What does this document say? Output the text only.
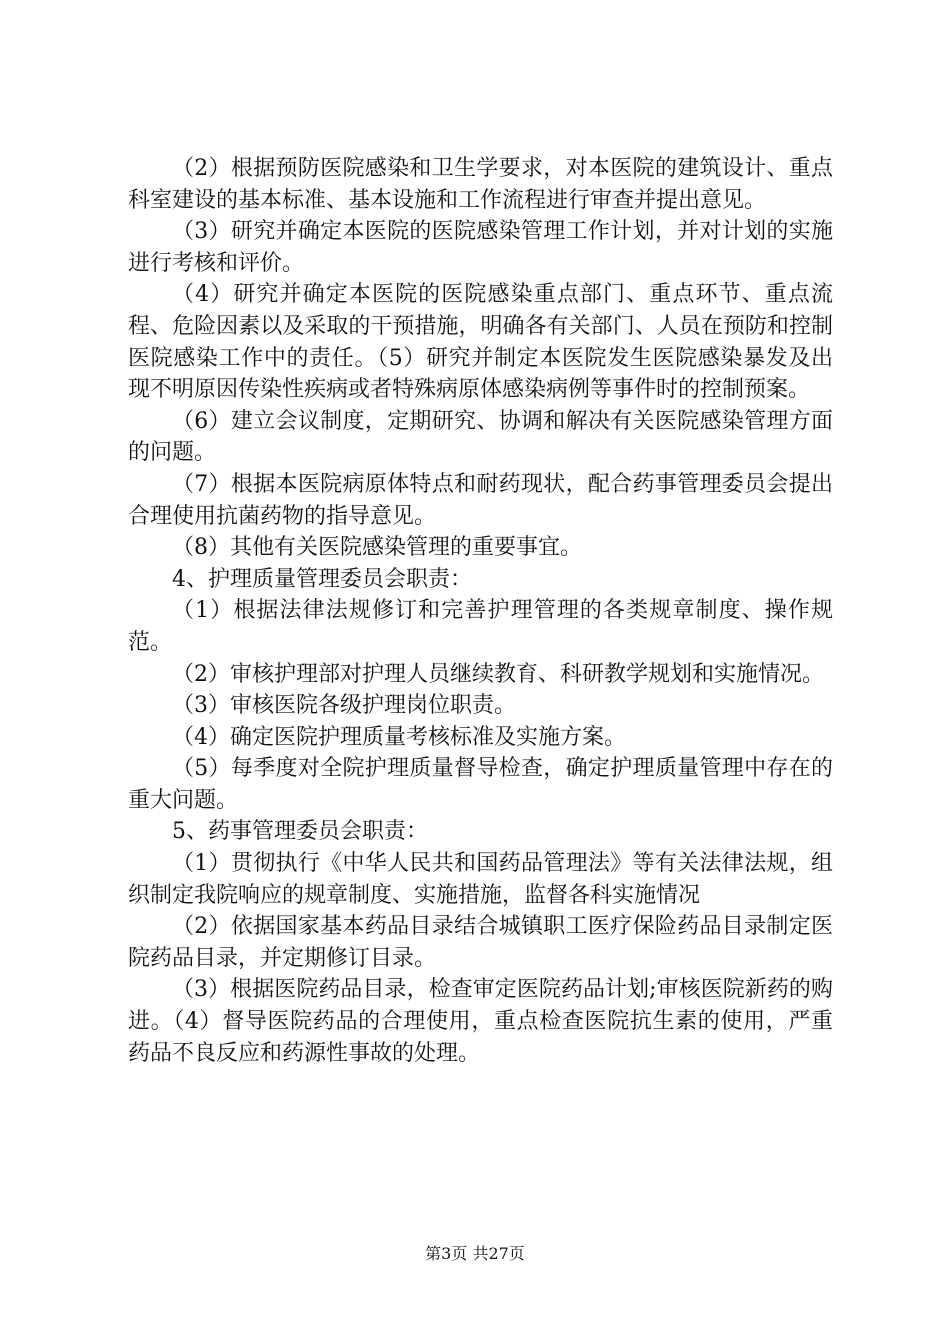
（2）根据预防医院感染和卫生学要求，对本医院的建筑设计、重点科室建设的基本标准、基本设施和工作流程进行审查并提出意见。

（3）研究并确定本医院的医院感染管理工作计划，并对计划的实施进行考核和评价。

（4）研究并确定本医院的医院感染重点部门、重点环节、重点流程、危险因素以及采取的干预措施，明确各有关部门、人员在预防和控制医院感染工作中的责任。（5）研究并制定本医院发生医院感染暴发及出现不明原因传染性疾病或者特殊病原体感染病例等事件时的控制预案。

（6）建立会议制度，定期研究、协调和解决有关医院感染管理方面的问题。

（7）根据本医院病原体特点和耐药现状，配合药事管理委员会提出合理使用抗菌药物的指导意见。

（8）其他有关医院感染管理的重要事宜。

4、护理质量管理委员会职责：

（1）根据法律法规修订和完善护理管理的各类规章制度、操作规范。

（2）审核护理部对护理人员继续教育、科研教学规划和实施情况。

（3）审核医院各级护理岗位职责。

（4）确定医院护理质量考核标准及实施方案。

（5）每季度对全院护理质量督导检查，确定护理质量管理中存在的重大问题。

5、药事管理委员会职责：

（1）贯彻执行《中华人民共和国药品管理法》等有关法律法规，组织制定我院响应的规章制度、实施措施，监督各科实施情况

（2）依据国家基本药品目录结合城镇职工医疗保险药品目录制定医院药品目录，并定期修订目录。

（3）根据医院药品目录，检查审定医院药品计划;审核医院新药的购进。（4）督导医院药品的合理使用，重点检查医院抗生素的使用，严重药品不良反应和药源性事故的处理。

第3页 共27页
